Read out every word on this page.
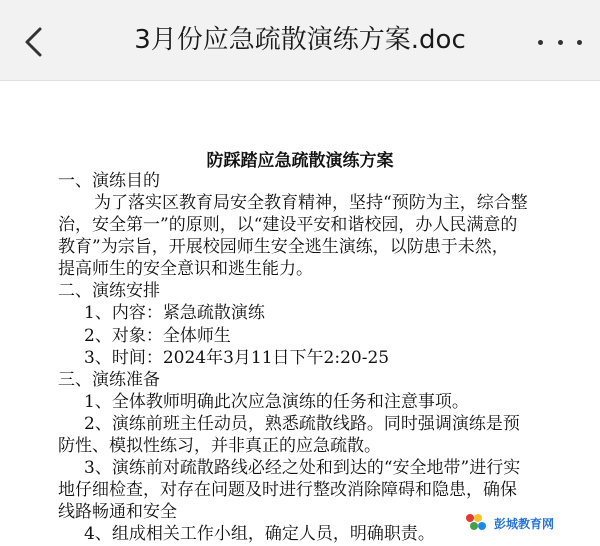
3月份应急疏散演练方案.doc
防踩踏应急疏散演练方案
一、演练目的
为了落实区教育局安全教育精神，坚持“预防为主，综合整
治，安全第一”的原则，以“建设平安和谐校园，办人民满意的
教育”为宗旨，开展校园师生安全逃生演练，以防患于未然，
提高师生的安全意识和逃生能力。
二、演练安排
1、内容：紧急疏散演练
2、对象：全体师生
3、时间：2024年3月11日下午2:20-25
三、演练准备
1、全体教师明确此次应急演练的任务和注意事项。
2、演练前班主任动员，熟悉疏散线路。同时强调演练是预
防性、模拟性练习，并非真正的应急疏散。
3、演练前对疏散路线必经之处和到达的“安全地带”进行实
地仔细检查，对存在问题及时进行整改消除障碍和隐患，确保
线路畅通和安全
4、组成相关工作小组，确定人员，明确职责。
彭城教育网
